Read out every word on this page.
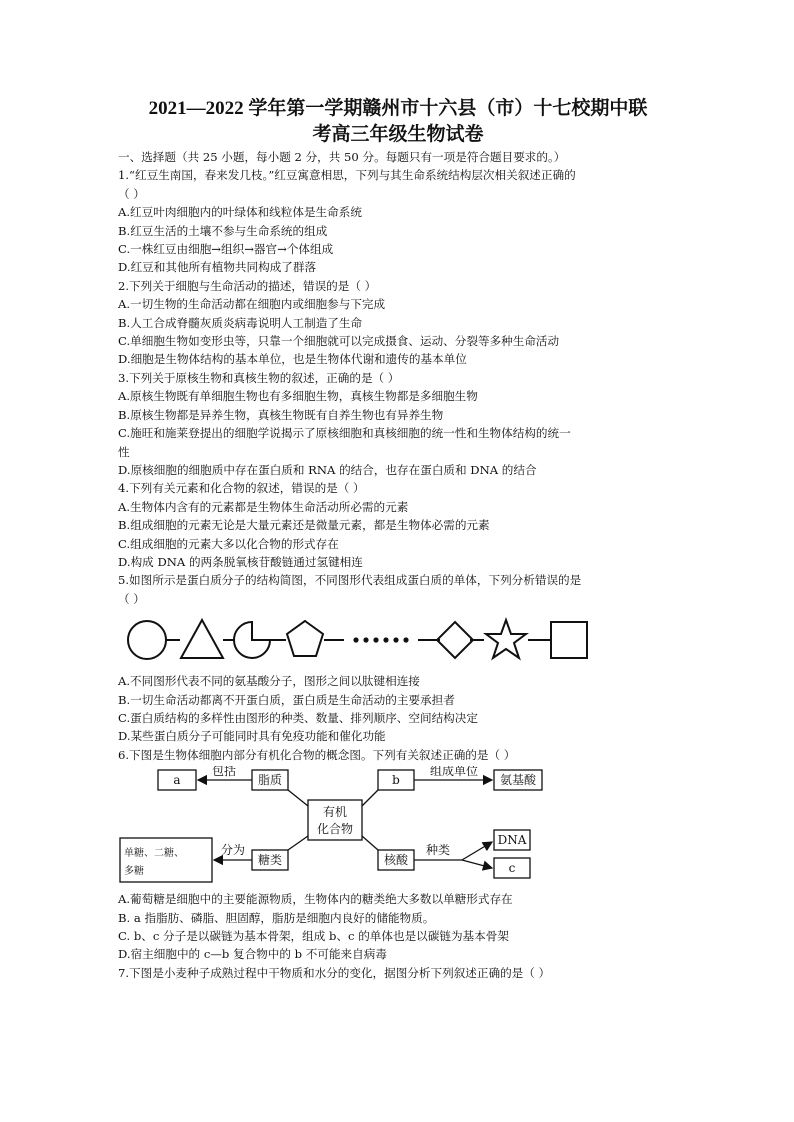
2021—2022 学年第一学期赣州市十六县（市）十七校期中联
考高三年级生物试卷
一、选择题（共 25 小题，每小题 2 分，共 50 分。每题只有一项是符合题目要求的。）
1.“红豆生南国，春来发几枝。”红豆寓意相思，下列与其生命系统结构层次相关叙述正确的
（ ）
A.红豆叶肉细胞内的叶绿体和线粒体是生命系统
B.红豆生活的土壤不参与生命系统的组成
C.一株红豆由细胞→组织→器官→个体组成
D.红豆和其他所有植物共同构成了群落
2.下列关于细胞与生命活动的描述，错误的是（ ）
A.一切生物的生命活动都在细胞内或细胞参与下完成
B.人工合成脊髓灰质炎病毒说明人工制造了生命
C.单细胞生物如变形虫等，只靠一个细胞就可以完成摄食、运动、分裂等多种生命活动
D.细胞是生物体结构的基本单位，也是生物体代谢和遗传的基本单位
3.下列关于原核生物和真核生物的叙述，正确的是（ ）
A.原核生物既有单细胞生物也有多细胞生物，真核生物都是多细胞生物
B.原核生物都是异养生物，真核生物既有自养生物也有异养生物
C.施旺和施莱登提出的细胞学说揭示了原核细胞和真核细胞的统一性和生物体结构的统一
性
D.原核细胞的细胞质中存在蛋白质和 RNA 的结合，也存在蛋白质和 DNA 的结合
4.下列有关元素和化合物的叙述，错误的是（ ）
A.生物体内含有的元素都是生物体生命活动所必需的元素
B.组成细胞的元素无论是大量元素还是微量元素，都是生物体必需的元素
C.组成细胞的元素大多以化合物的形式存在
D.构成 DNA 的两条脱氧核苷酸链通过氢键相连
5.如图所示是蛋白质分子的结构简图，不同图形代表组成蛋白质的单体，下列分析错误的是
（ ）
A.不同图形代表不同的氨基酸分子，图形之间以肽键相连接
B.一切生命活动都离不开蛋白质，蛋白质是生命活动的主要承担者
C.蛋白质结构的多样性由图形的种类、数量、排列顺序、空间结构决定
D.某些蛋白质分子可能同时具有免疫功能和催化功能
6.下图是生物体细胞内部分有机化合物的概念图。下列有关叙述正确的是（ ）
a
包括
脂质	b
组成单位
氨基酸
有机
化合物
分为
糖类	核酸
种类
DNA
c
单糖、二糖、
多糖
A.葡萄糖是细胞中的主要能源物质，生物体内的糖类绝大多数以单糖形式存在
B. a 指脂肪、磷脂、胆固醇，脂肪是细胞内良好的储能物质。
C. b、c 分子是以碳链为基本骨架，组成 b、c 的单体也是以碳链为基本骨架
D.宿主细胞中的 c—b 复合物中的 b 不可能来自病毒
7.下图是小麦种子成熟过程中干物质和水分的变化，据图分析下列叙述正确的是（ ）
